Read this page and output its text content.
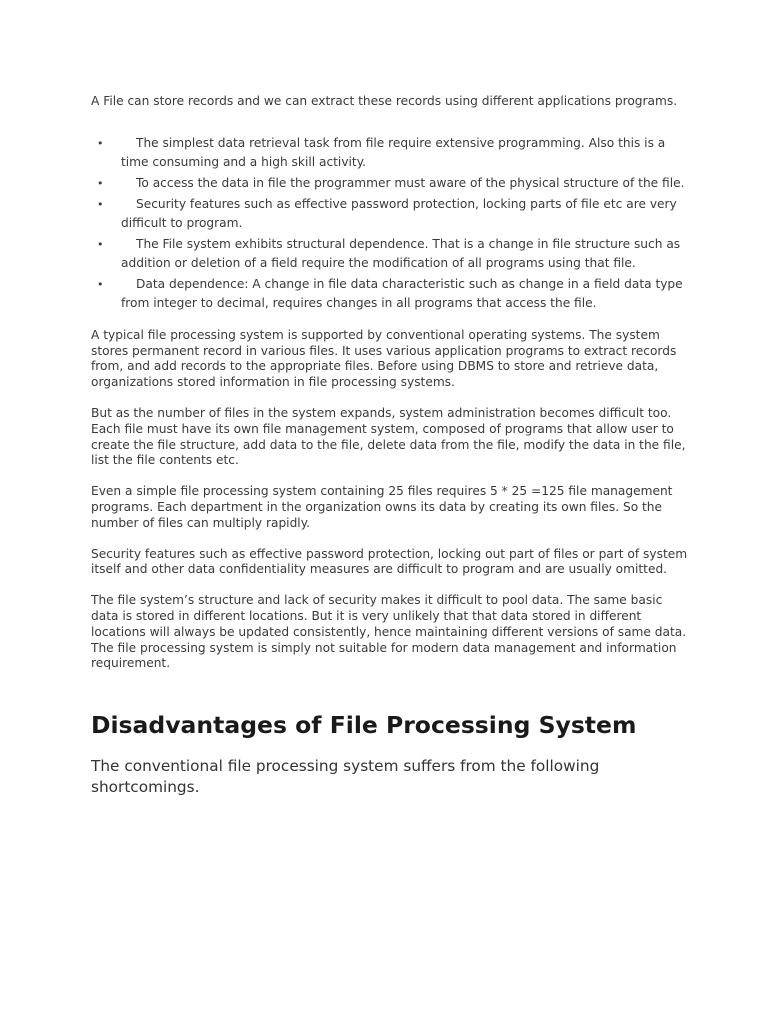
A File can store records and we can extract these records using different applications programs.

•	The simplest data retrieval task from file require extensive programming. Also this is a time consuming and a high skill activity.
•	To access the data in file the programmer must aware of the physical structure of the file.
•	Security features such as effective password protection, locking parts of file etc are very difficult to program.
•	The File system exhibits structural dependence. That is a change in file structure such as addition or deletion of a field require the modification of all programs using that file.
•	Data dependence: A change in file data characteristic such as change in a field data type from integer to decimal, requires changes in all programs that access the file.

A typical file processing system is supported by conventional operating systems. The system stores permanent record in various files. It uses various application programs to extract records from, and add records to the appropriate files. Before using DBMS to store and retrieve data, organizations stored information in file processing systems.

But as the number of files in the system expands, system administration becomes difficult too. Each file must have its own file management system, composed of programs that allow user to create the file structure, add data to the file, delete data from the file, modify the data in the file, list the file contents etc.

Even a simple file processing system containing 25 files requires 5 * 25 =125 file management programs. Each department in the organization owns its data by creating its own files. So the number of files can multiply rapidly.

Security features such as effective password protection, locking out part of files or part of system itself and other data confidentiality measures are difficult to program and are usually omitted.

The file system’s structure and lack of security makes it difficult to pool data. The same basic data is stored in different locations. But it is very unlikely that that data stored in different locations will always be updated consistently, hence maintaining different versions of same data. The file processing system is simply not suitable for modern data management and information requirement.

Disadvantages of File Processing System

The conventional file processing system suffers from the following shortcomings.
